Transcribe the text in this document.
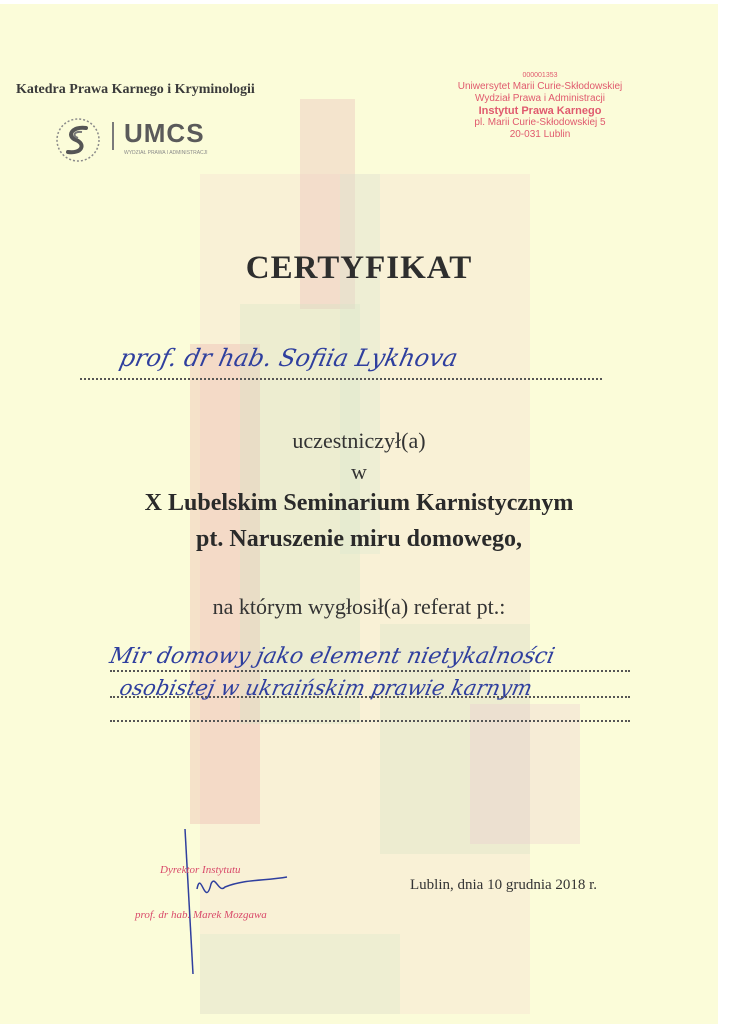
Katedra Prawa Karnego i Kryminologii
UMCS
WYDZIAŁ PRAWA I ADMINISTRACJI
000001353
Uniwersytet Marii Curie-Skłodowskiej
Wydział Prawa i Administracji
Instytut Prawa Karnego
pl. Marii Curie-Skłodowskiej 5
20-031 Lublin
CERTYFIKAT
prof. dr hab. Sofiia Lykhova
uczestniczył(a)
w
X Lubelskim Seminarium Karnistycznym
pt. Naruszenie miru domowego,
na którym wygłosił(a) referat pt.:
Mir domowy jako element nietykalności
osobistej w ukraińskim prawie karnym
Dyrektor Instytutu
prof. dr hab. Marek Mozgawa
Lublin, dnia 10 grudnia 2018 r.
